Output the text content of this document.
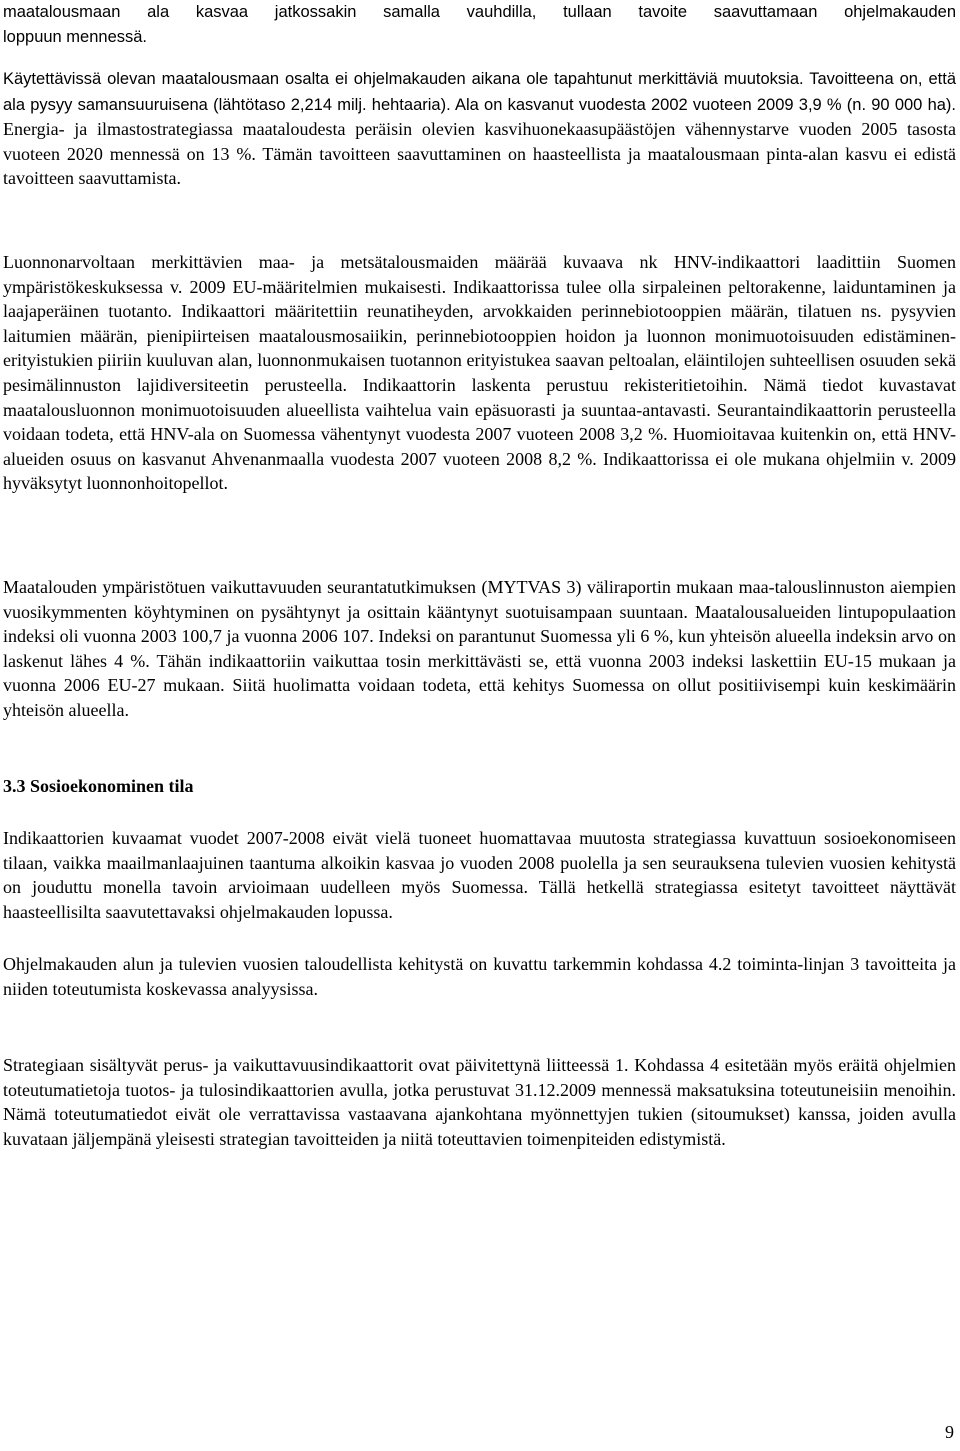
maatalousmaan ala kasvaa jatkossakin samalla vauhdilla, tullaan tavoite saavuttamaan ohjelmakauden
loppuun mennessä.

Käytettävissä olevan maatalousmaan osalta ei ohjelmakauden aikana ole tapahtunut merkittäviä muutoksia. Tavoitteena on, että ala pysyy samansuuruisena (lähtötaso 2,214 milj. hehtaaria). Ala on kasvanut vuodesta 2002 vuoteen 2009 3,9 % (n. 90 000 ha). Energia- ja ilmastostrategiassa maataloudesta peräisin olevien kasvihuonekaasupäästöjen vähennystarve vuoden 2005 tasosta vuoteen 2020 mennessä on 13 %. Tämän tavoitteen saavuttaminen on haasteellista ja maatalousmaan pinta-alan kasvu ei edistä tavoitteen saavuttamista.

Luonnonarvoltaan merkittävien maa- ja metsätalousmaiden määrää kuvaava nk HNV-indikaattori laadittiin Suomen ympäristökeskuksessa v. 2009 EU-määritelmien mukaisesti. Indikaattorissa tulee olla sirpaleinen peltorakenne, laiduntaminen ja laajaperäinen tuotanto. Indikaattori määritettiin reunatiheyden, arvokkaiden perinnebiotooppien määrän, tilatuen ns. pysyvien laitumien määrän, pienipiirteisen maatalousmosaiikin, perinnebiotooppien hoidon ja luonnon monimuotoisuuden edistäminen-erityistukien piiriin kuuluvan alan, luonnonmukaisen tuotannon erityistukea saavan peltoalan, eläintilojen suhteellisen osuuden sekä pesimälinnuston lajidiversiteetin perusteella. Indikaattorin laskenta perustuu rekisteritietoihin. Nämä tiedot kuvastavat maatalousluonnon monimuotoisuuden alueellista vaihtelua vain epäsuorasti ja suuntaa-antavasti. Seurantaindikaattorin perusteella voidaan todeta, että HNV-ala on Suomessa vähentynyt vuodesta 2007 vuoteen 2008 3,2 %. Huomioitavaa kuitenkin on, että HNV-alueiden osuus on kasvanut Ahvenanmaalla vuodesta 2007 vuoteen 2008 8,2 %. Indikaattorissa ei ole mukana ohjelmiin v. 2009 hyväksytyt luonnonhoitopellot.

Maatalouden ympäristötuen vaikuttavuuden seurantatutkimuksen (MYTVAS 3) väliraportin mukaan maa-talouslinnuston aiempien vuosikymmenten köyhtyminen on pysähtynyt ja osittain kääntynyt suotuisampaan suuntaan. Maatalousalueiden lintupopulaation indeksi oli vuonna 2003 100,7 ja vuonna 2006 107. Indeksi on parantunut Suomessa yli 6 %, kun yhteisön alueella indeksin arvo on laskenut lähes 4 %. Tähän indikaattoriin vaikuttaa tosin merkittävästi se, että vuonna 2003 indeksi laskettiin EU-15 mukaan ja vuonna 2006 EU-27 mukaan. Siitä huolimatta voidaan todeta, että kehitys Suomessa on ollut positiivisempi kuin keskimäärin yhteisön alueella.

3.3 Sosioekonominen tila

Indikaattorien kuvaamat vuodet 2007-2008 eivät vielä tuoneet huomattavaa muutosta strategiassa kuvattuun sosioekonomiseen tilaan, vaikka maailmanlaajuinen taantuma alkoikin kasvaa jo vuoden 2008 puolella ja sen seurauksena tulevien vuosien kehitystä on jouduttu monella tavoin arvioimaan uudelleen myös Suomessa. Tällä hetkellä strategiassa esitetyt tavoitteet näyttävät haasteellisilta saavutettavaksi ohjelmakauden lopussa.

Ohjelmakauden alun ja tulevien vuosien taloudellista kehitystä on kuvattu tarkemmin kohdassa 4.2 toiminta-linjan 3 tavoitteita ja niiden toteutumista koskevassa analyysissa.

Strategiaan sisältyvät perus- ja vaikuttavuusindikaattorit ovat päivitettynä liitteessä 1. Kohdassa 4 esitetään myös eräitä ohjelmien toteutumatietoja tuotos- ja tulosindikaattorien avulla, jotka perustuvat 31.12.2009 mennessä maksatuksina toteutuneisiin menoihin. Nämä toteutumatiedot eivät ole verrattavissa vastaavana ajankohtana myönnettyjen tukien (sitoumukset) kanssa, joiden avulla kuvataan jäljempänä yleisesti strategian tavoitteiden ja niitä toteuttavien toimenpiteiden edistymistä.

9
